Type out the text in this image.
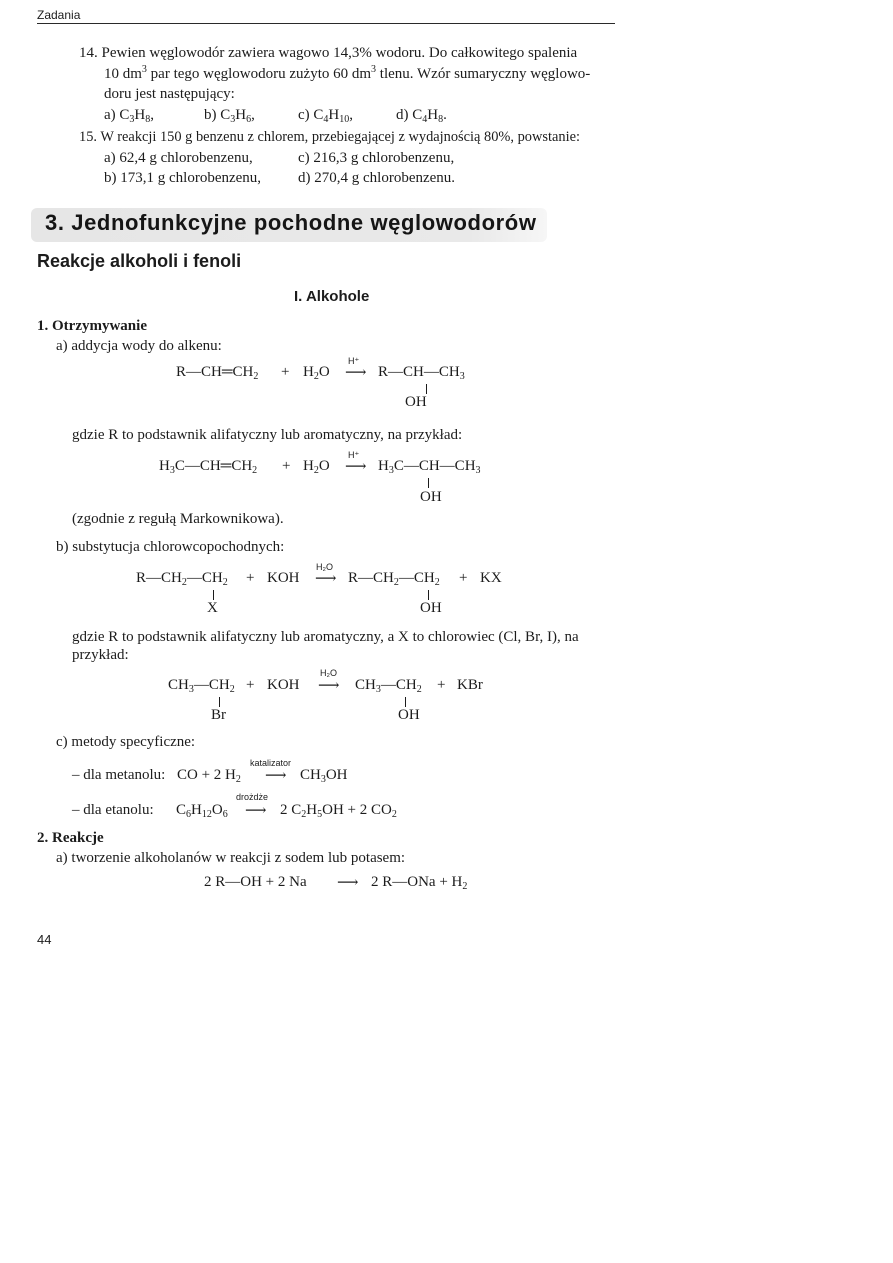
Zadania
14. Pewien węglowodór zawiera wagowo 14,3% wodoru. Do całkowitego spalenia
10 $dm^3$ par tego węglowodoru zużyto 60 $dm^3$ tlenu. Wzór sumaryczny węglowo-
doru jest następujący:
a) $C_3H_8$,	b) $C_3H_6$,	c) $C_4H_{10}$,	d) $C_4H_8$.
15. W reakcji 150 g benzenu z chlorem, przebiegającej z wydajnością 80%, powstanie:
a) 62,4 g chlorobenzenu,	c) 216,3 g chlorobenzenu,
b) 173,1 g chlorobenzenu, d) 270,4 g chlorobenzenu.
3. Jednofunkcyjne pochodne węglowodorów
Reakcje alkoholi i fenoli
I. Alkohole
1. Otrzymywanie
a) addycja wody do alkenu:
$R—CH═CH_2 + H_2O$
H⁺
⟶ $R—CH—CH_3$
OH
gdzie R to podstawnik alifatyczny lub aromatyczny, na przykład:
$H_3C—CH═CH_2 + H_2O$
H⁺
⟶ $H_3C—CH—CH_3$
OH
(zgodnie z regułą Markownikowa).
b) substytucja chlorowcopochodnych:
$R—CH_2—CH_2$ + KOH
H₂O
⟶ $R—CH_2—CH_2$ + KX
X	OH
gdzie R to podstawnik alifatyczny lub aromatyczny, a X to chlorowiec (Cl, Br, I), na
przykład:
$CH_3—CH_2$ + KOH
H₂O
⟶ $CH_3—CH_2$ + KBr
Br	OH
c) metody specyficzne:
– dla metanolu: CO + 2 $H_2$
katalizator
⟶ $CH_3OH$
– dla etanolu: $C_6H_{12}O_6$
drożdże
⟶ 2 $C_2H_5OH + 2$ $CO_2$
2. Reakcje
a) tworzenie alkoholanów w reakcji z sodem lub potasem:
2 R—OH + 2 Na ⟶ 2 R—ONa + $H_2$
44
